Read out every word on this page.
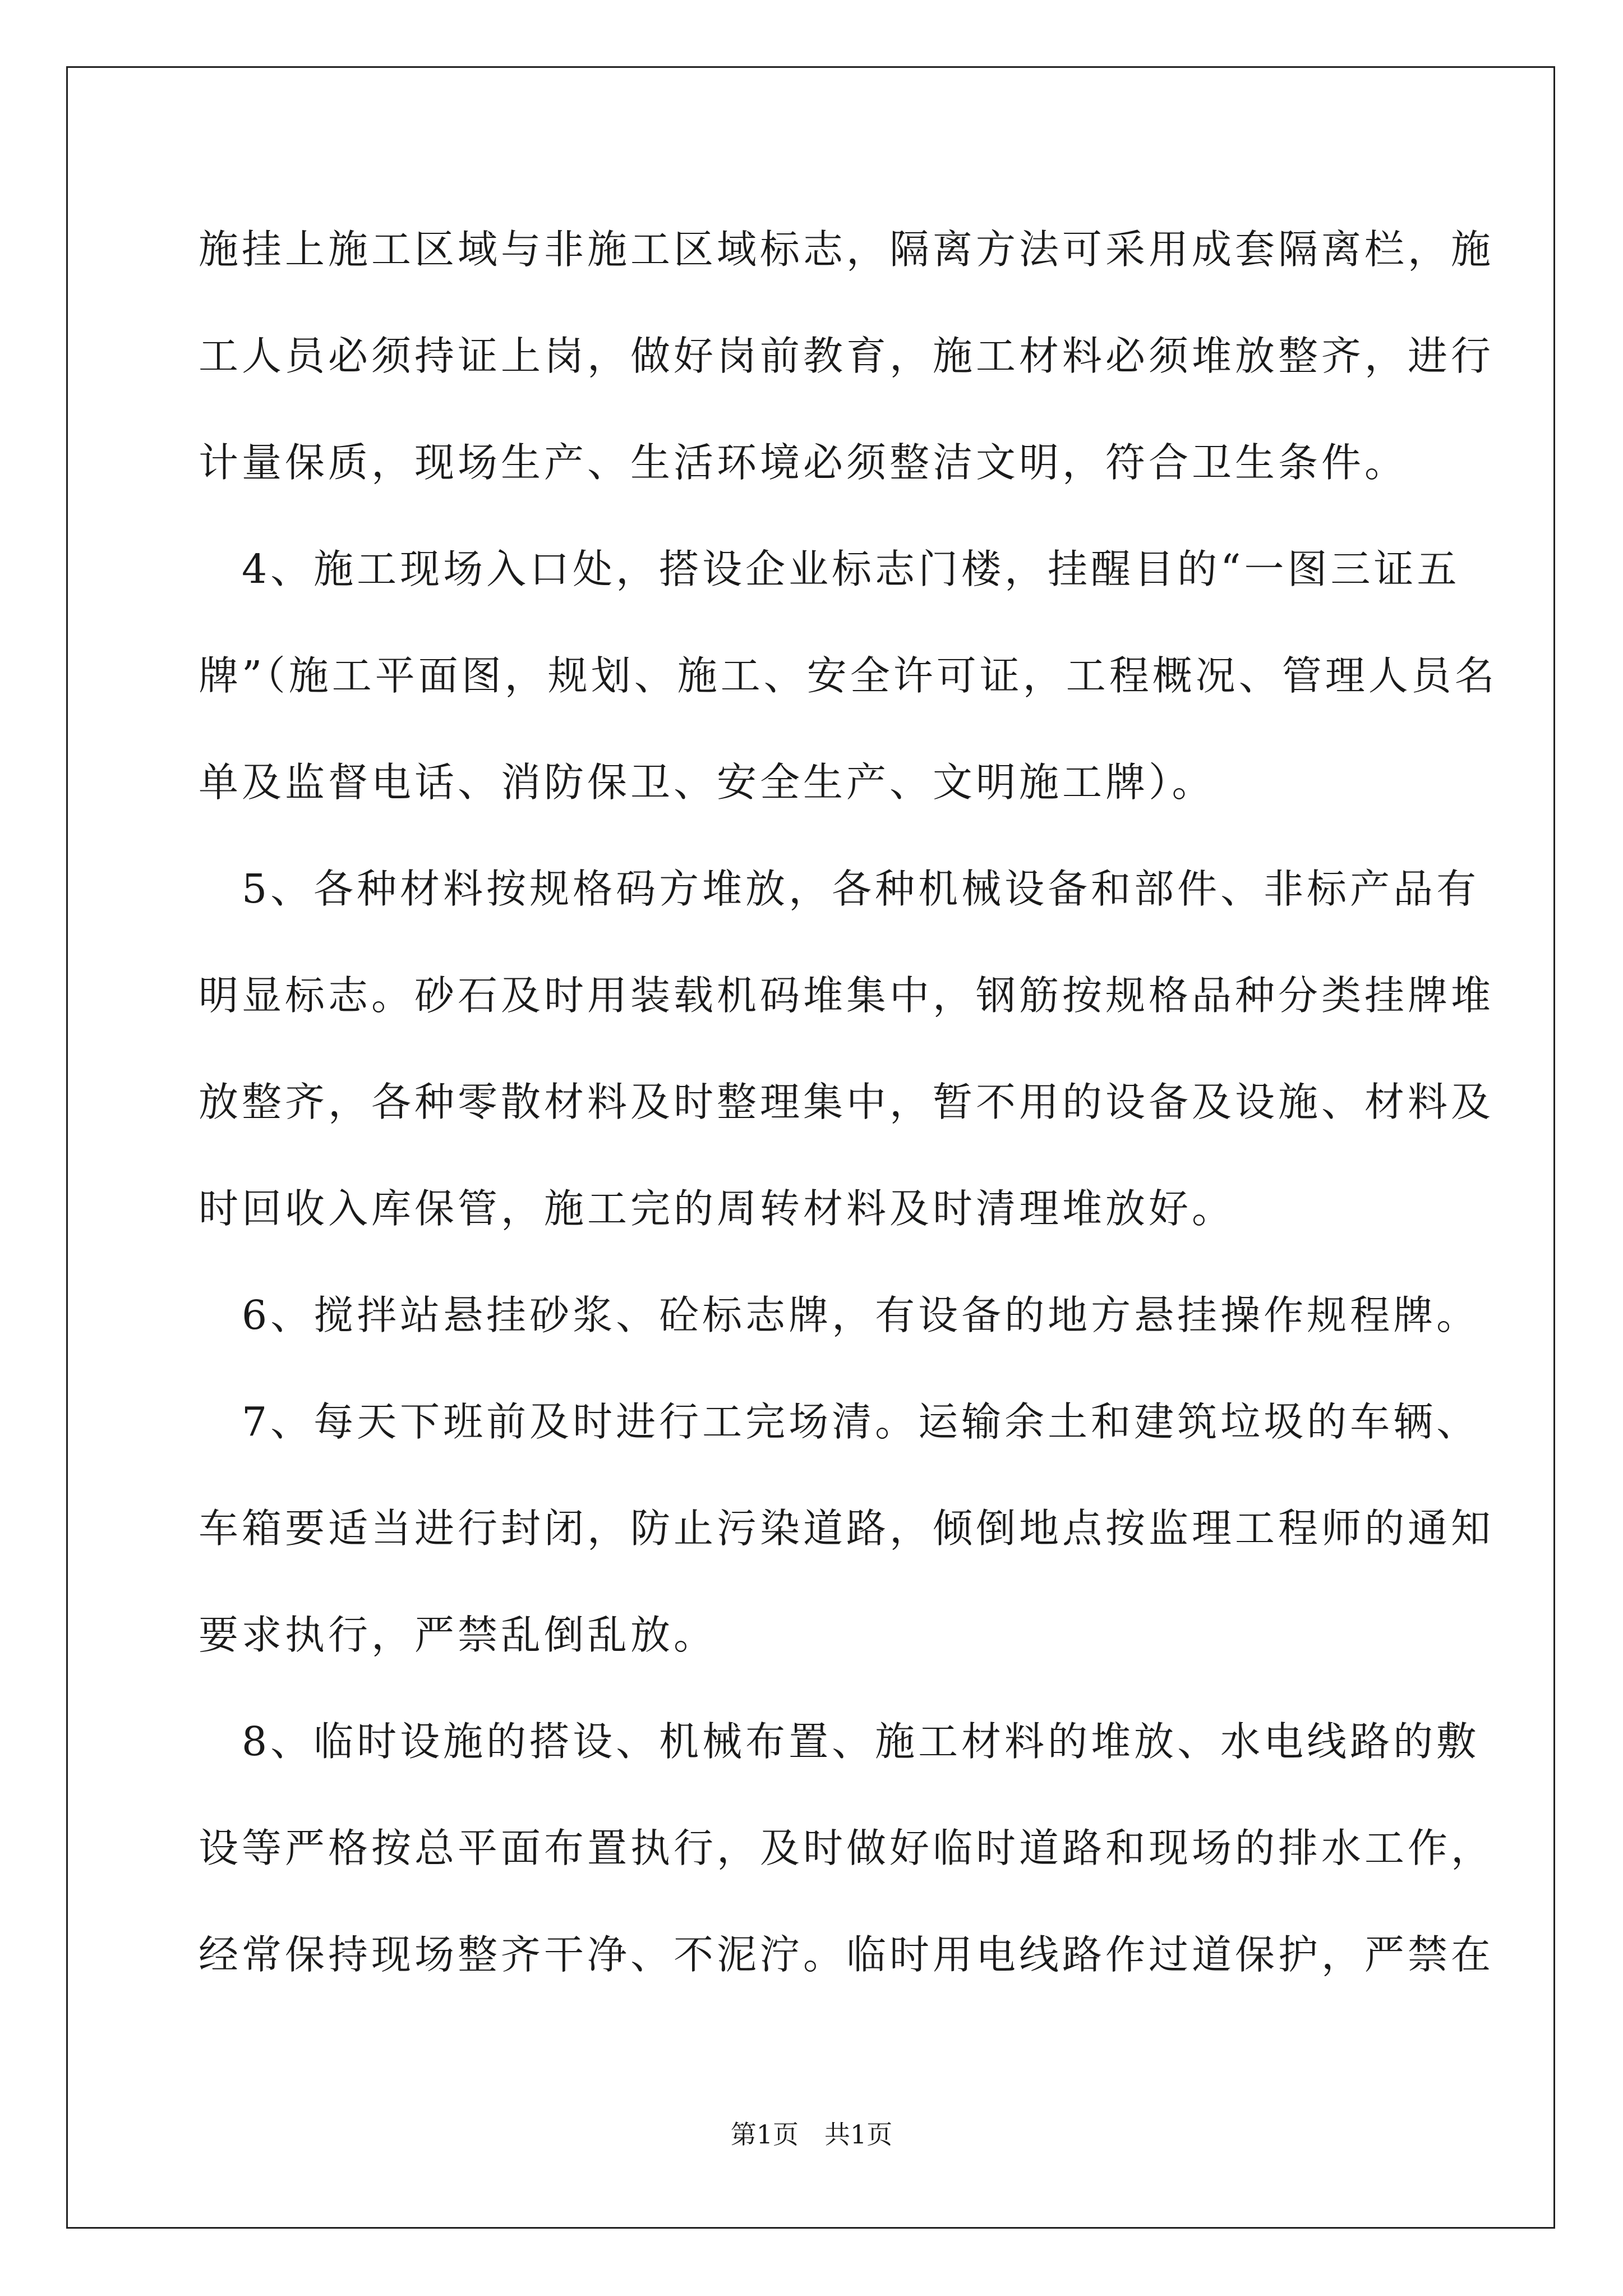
施挂上施工区域与非施工区域标志，隔离方法可采用成套隔离栏，施
工人员必须持证上岗，做好岗前教育，施工材料必须堆放整齐，进行
计量保质，现场生产、生活环境必须整洁文明，符合卫生条件。
　4、施工现场入口处，搭设企业标志门楼，挂醒目的“一图三证五
牌”（施工平面图，规划、施工、安全许可证，工程概况、管理人员名
单及监督电话、消防保卫、安全生产、文明施工牌）。
　5、各种材料按规格码方堆放，各种机械设备和部件、非标产品有
明显标志。砂石及时用装载机码堆集中，钢筋按规格品种分类挂牌堆
放整齐，各种零散材料及时整理集中，暂不用的设备及设施、材料及
时回收入库保管，施工完的周转材料及时清理堆放好。
　6、搅拌站悬挂砂浆、砼标志牌，有设备的地方悬挂操作规程牌。
　7、每天下班前及时进行工完场清。运输余土和建筑垃圾的车辆、
车箱要适当进行封闭，防止污染道路，倾倒地点按监理工程师的通知
要求执行，严禁乱倒乱放。
　8、临时设施的搭设、机械布置、施工材料的堆放、水电线路的敷
设等严格按总平面布置执行，及时做好临时道路和现场的排水工作，
经常保持现场整齐干净、不泥泞。临时用电线路作过道保护，严禁在
第1页　共1页
